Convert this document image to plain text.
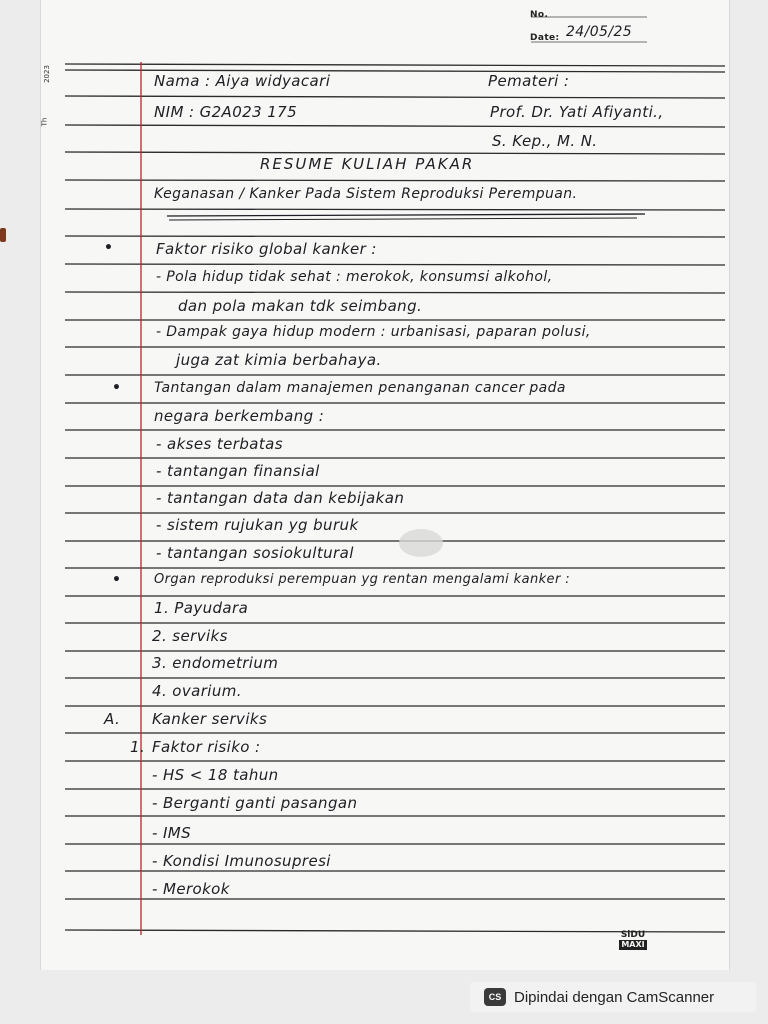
2023
Th
No.
Date: 24/05/25
Nama : Aiya widyacari	Pemateri :
NIM : G2A023 175	Prof. Dr. Yati Afiyanti.,
S. Kep., M. N.
RESUME KULIAH PAKAR
Keganasan / Kanker Pada Sistem Reproduksi Perempuan.
•	Faktor risiko global kanker :
- Pola hidup tidak sehat : merokok, konsumsi alkohol,
dan pola makan tdk seimbang.
- Dampak gaya hidup modern : urbanisasi, paparan polusi,
juga zat kimia berbahaya.
• Tantangan dalam manajemen penanganan cancer pada
negara berkembang :
- akses terbatas
- tantangan finansial
- tantangan data dan kebijakan
- sistem rujukan yg buruk
- tantangan sosiokultural
•	Organ reproduksi perempuan yg rentan mengalami kanker :
1. Payudara
2. serviks
3. endometrium
4. ovarium.
A. Kanker serviks
1. Faktor risiko :
- HS < 18 tahun
- Berganti ganti pasangan
- IMS
- Kondisi Imunosupresi
- Merokok
SiDU
MAXI
CS Dipindai dengan CamScanner
